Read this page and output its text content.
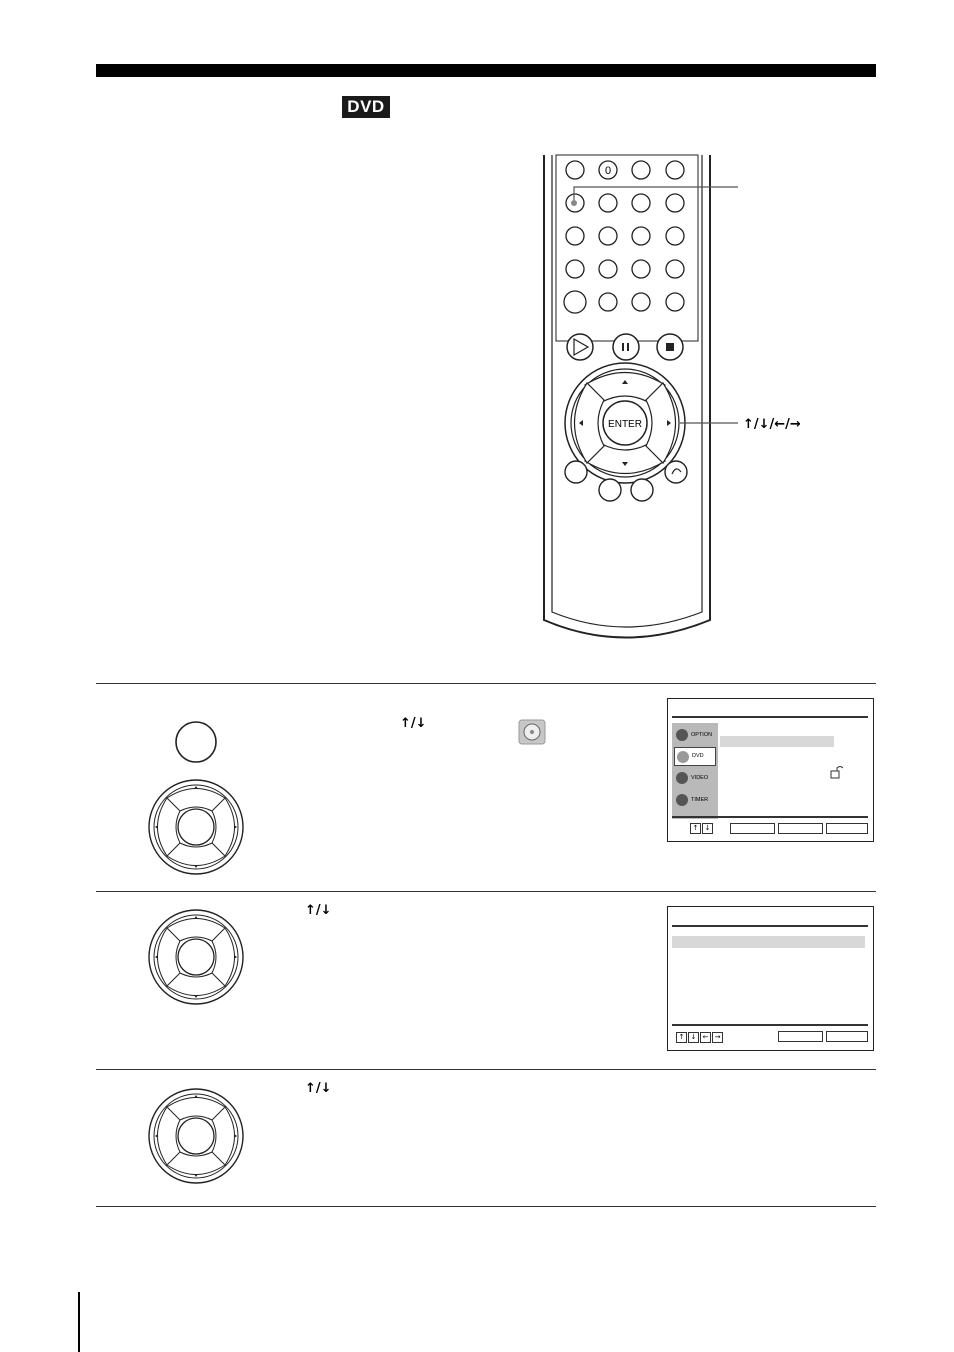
DVD
ENTER	↑/↓/←/→
0
↑/↓
OPTION
DVD
VIDEO
TIMER
↑ ↓
↑/↓
↑ ↓ ← →
↑/↓
